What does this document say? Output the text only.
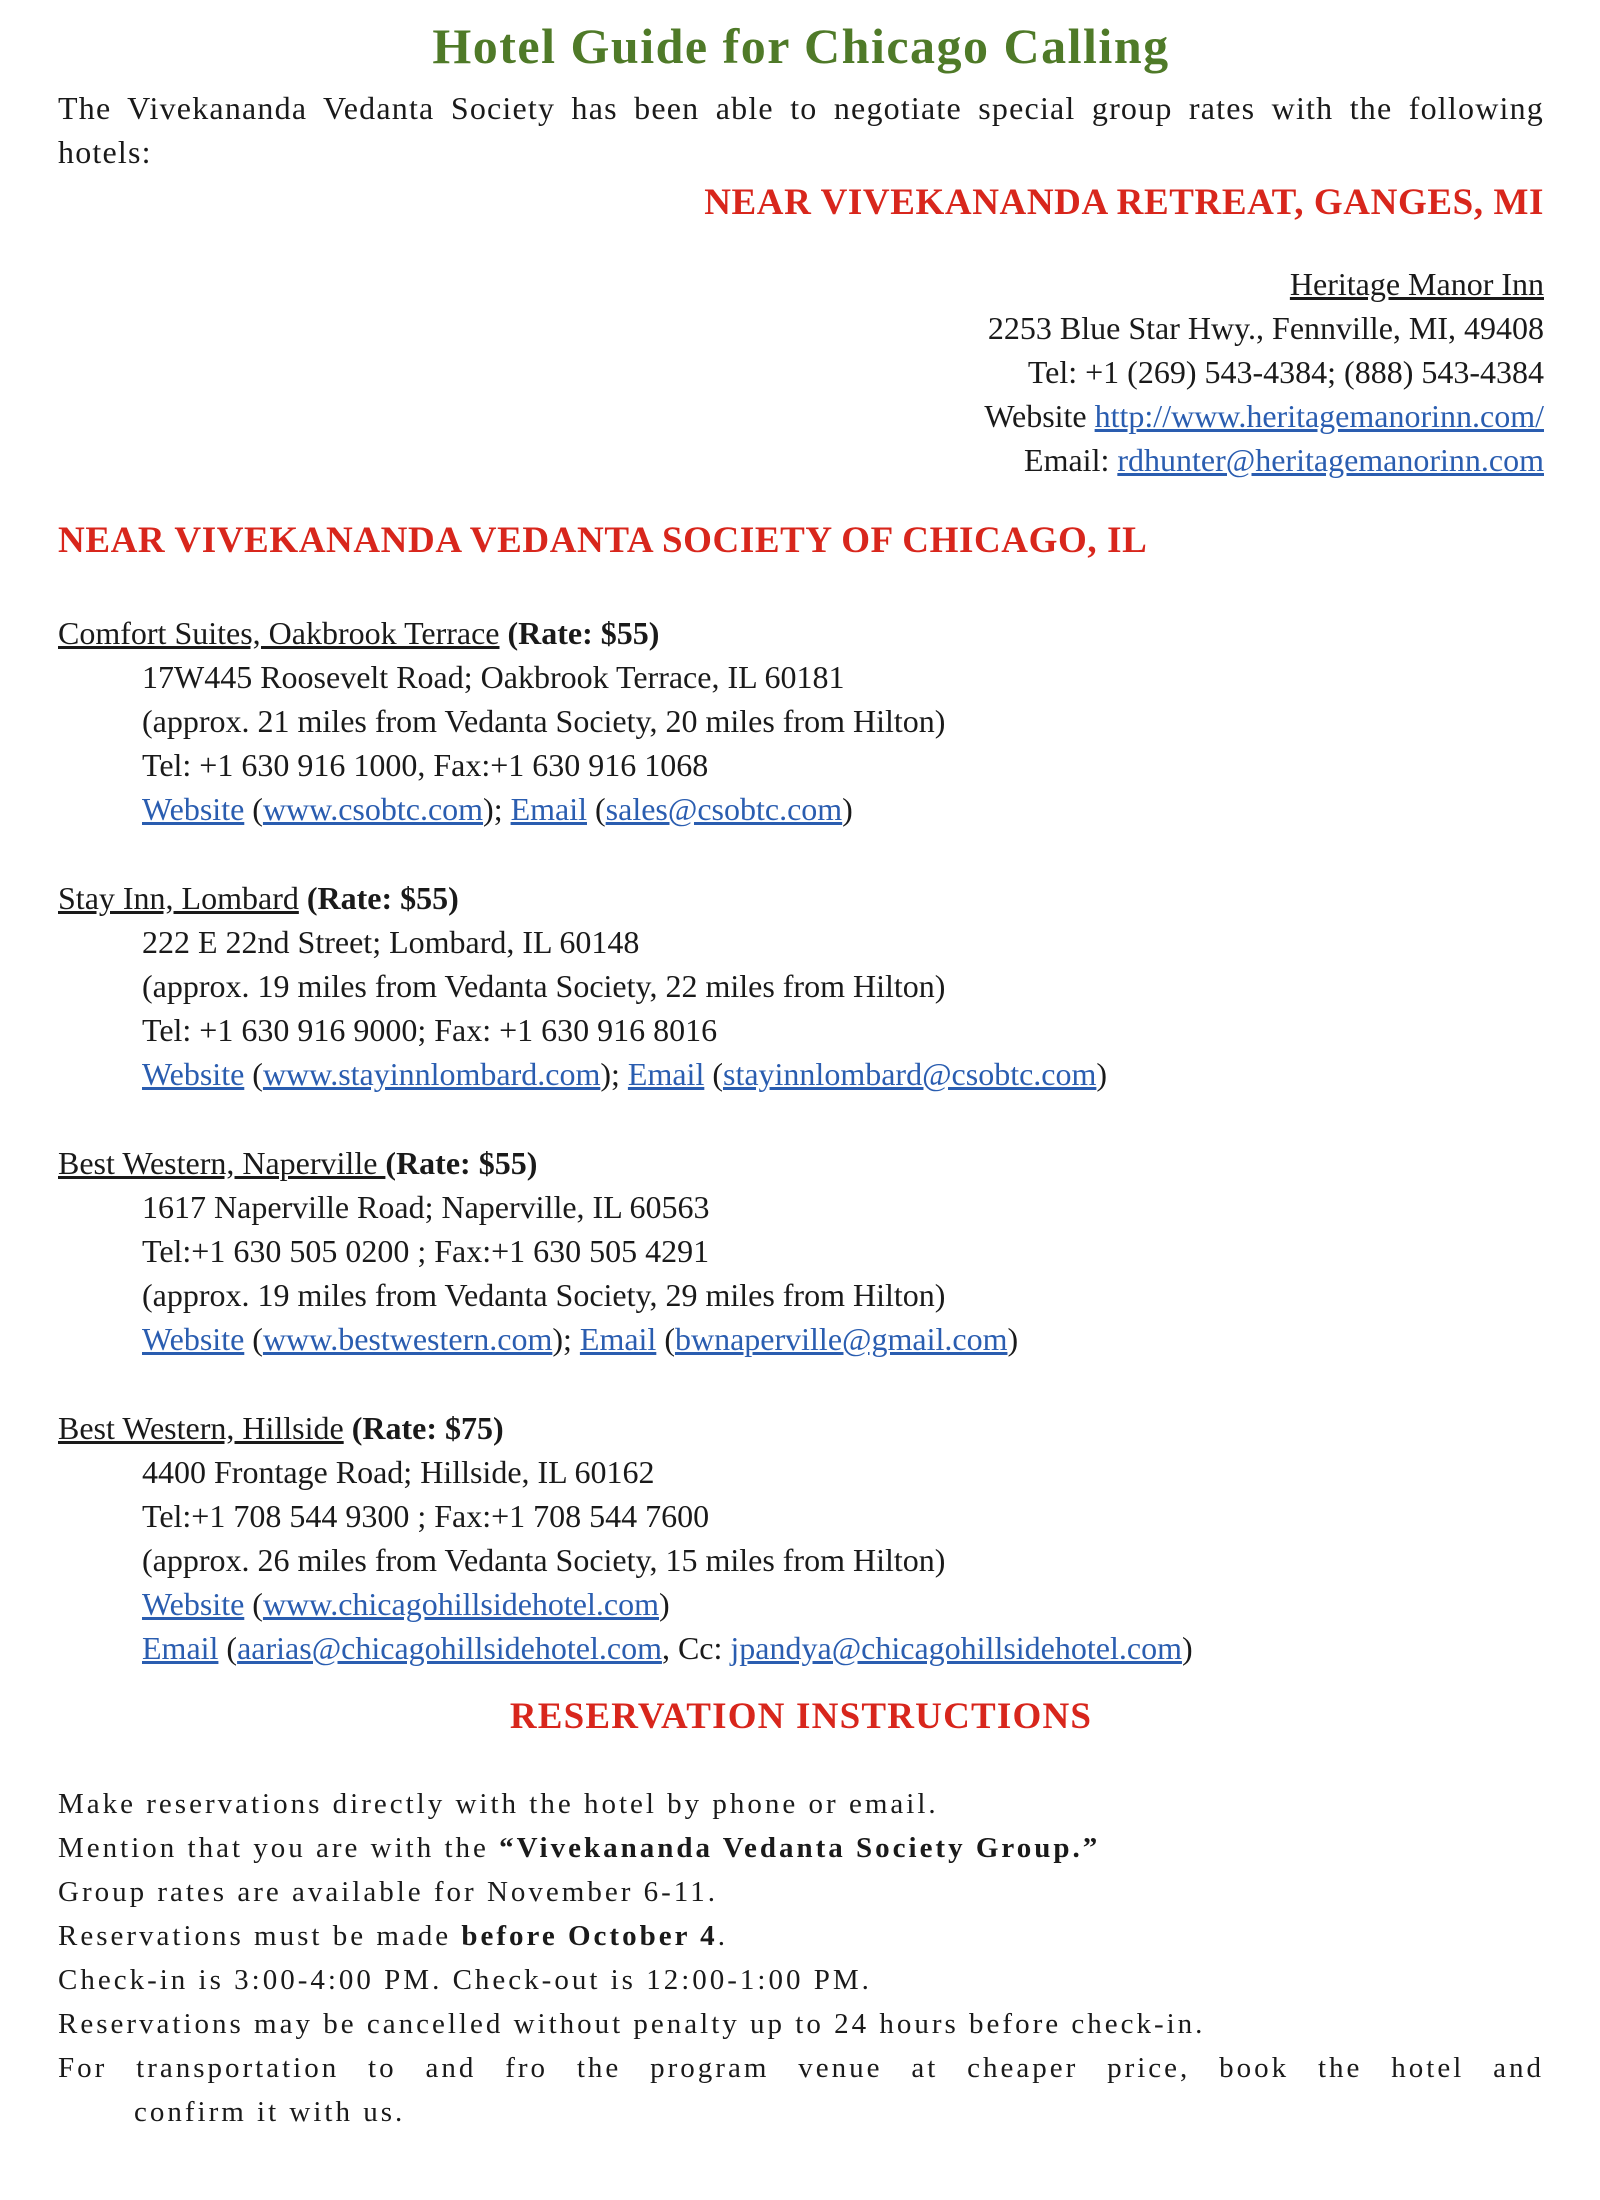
Hotel Guide for Chicago Calling
The Vivekananda Vedanta Society has been able to negotiate special group rates with the following hotels:
NEAR VIVEKANANDA RETREAT, GANGES, MI
Heritage Manor Inn
2253 Blue Star Hwy., Fennville, MI, 49408
Tel: +1 (269) 543-4384; (888) 543-4384
Website http://www.heritagemanorinn.com/
Email: rdhunter@heritagemanorinn.com
NEAR VIVEKANANDA VEDANTA SOCIETY OF CHICAGO, IL
Comfort Suites, Oakbrook Terrace (Rate: $55)
17W445 Roosevelt Road; Oakbrook Terrace, IL 60181
(approx. 21 miles from Vedanta Society, 20 miles from Hilton)
Tel: +1 630 916 1000, Fax:+1 630 916 1068
Website (www.csobtc.com); Email (sales@csobtc.com)
Stay Inn, Lombard (Rate: $55)
222 E 22nd Street; Lombard, IL 60148
(approx. 19 miles from Vedanta Society, 22 miles from Hilton)
Tel: +1 630 916 9000; Fax: +1 630 916 8016
Website (www.stayinnlombard.com); Email (stayinnlombard@csobtc.com)
Best Western, Naperville (Rate: $55)
1617 Naperville Road; Naperville, IL 60563
Tel:+1 630 505 0200 ; Fax:+1 630 505 4291
(approx. 19 miles from Vedanta Society, 29 miles from Hilton)
Website (www.bestwestern.com); Email (bwnaperville@gmail.com)
Best Western, Hillside (Rate: $75)
4400 Frontage Road; Hillside, IL 60162
Tel:+1 708 544 9300 ; Fax:+1 708 544 7600
(approx. 26 miles from Vedanta Society, 15 miles from Hilton)
Website (www.chicagohillsidehotel.com)
Email (aarias@chicagohillsidehotel.com, Cc: jpandya@chicagohillsidehotel.com)
RESERVATION INSTRUCTIONS
Make reservations directly with the hotel by phone or email.
Mention that you are with the “Vivekananda Vedanta Society Group.”
Group rates are available for November 6-11.
Reservations must be made before October 4.
Check-in is 3:00-4:00 PM. Check-out is 12:00-1:00 PM.
Reservations may be cancelled without penalty up to 24 hours before check-in.
For transportation to and fro the program venue at cheaper price, book the hotel and
confirm it with us.
